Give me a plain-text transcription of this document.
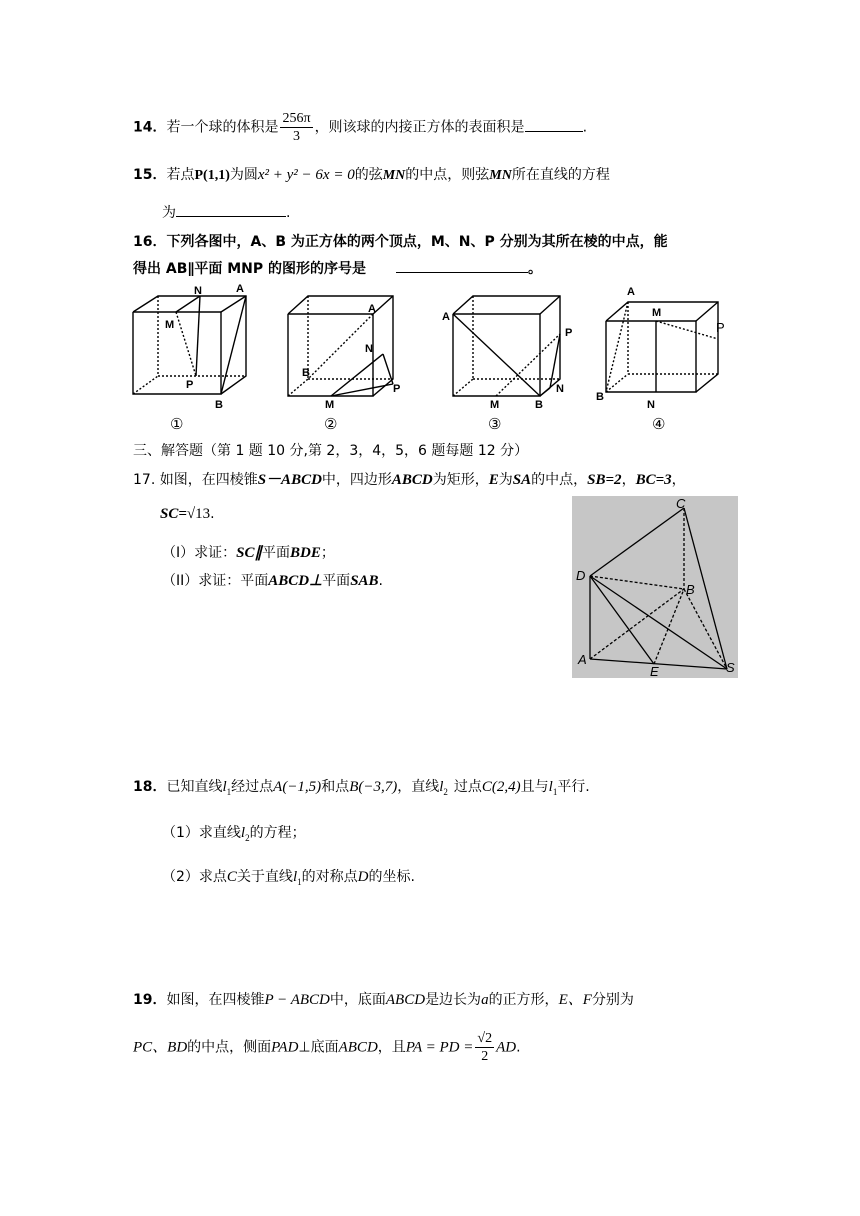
14．若一个球的体积是 $\frac{256\pi}{3}$ ，则该球的内接正方体的表面积是	.
15．若点P(1,1)为圆x² + y² − 6x = 0的弦MN的中点，则弦MN所在直线的方程
为	.
16．下列各图中，A、B 为正方体的两个顶点，M、N、P 分别为其所在棱的中点，能
得出 AB∥平面 MNP 的图形的序号是	。
N	A
M
P
B
A
N
B
M
P
A
P
M	B
N
A
M
P
B
N
①	②	③	④
三、解答题（第 1 题 10 分,第 2，3，4，5，6 题每题 12 分）
17. 如图，在四棱锥S－ABCD中，四边形ABCD为矩形，E为SA的中点，SB=2，BC=3，
SC=√13.
（I）求证：SC∥平面BDE；
（II）求证：平面ABCD⊥平面SAB.
C
D
B
A
E	S
18．已知直线$l_1$经过点A(−1,5)和点B(−3,7)，直线$l_2$ 过点C(2,4)且与$l_1$平行.
（1）求直线$l_2$的方程；
（2）求点C关于直线$l_1$的对称点D的坐标.
19．如图，在四棱锥P − ABCD中，底面ABCD是边长为a的正方形，E、F分别为
PC、BD的中点，侧面PAD⊥底面ABCD，且PA = PD = $\frac{√2}{2}$ AD.
